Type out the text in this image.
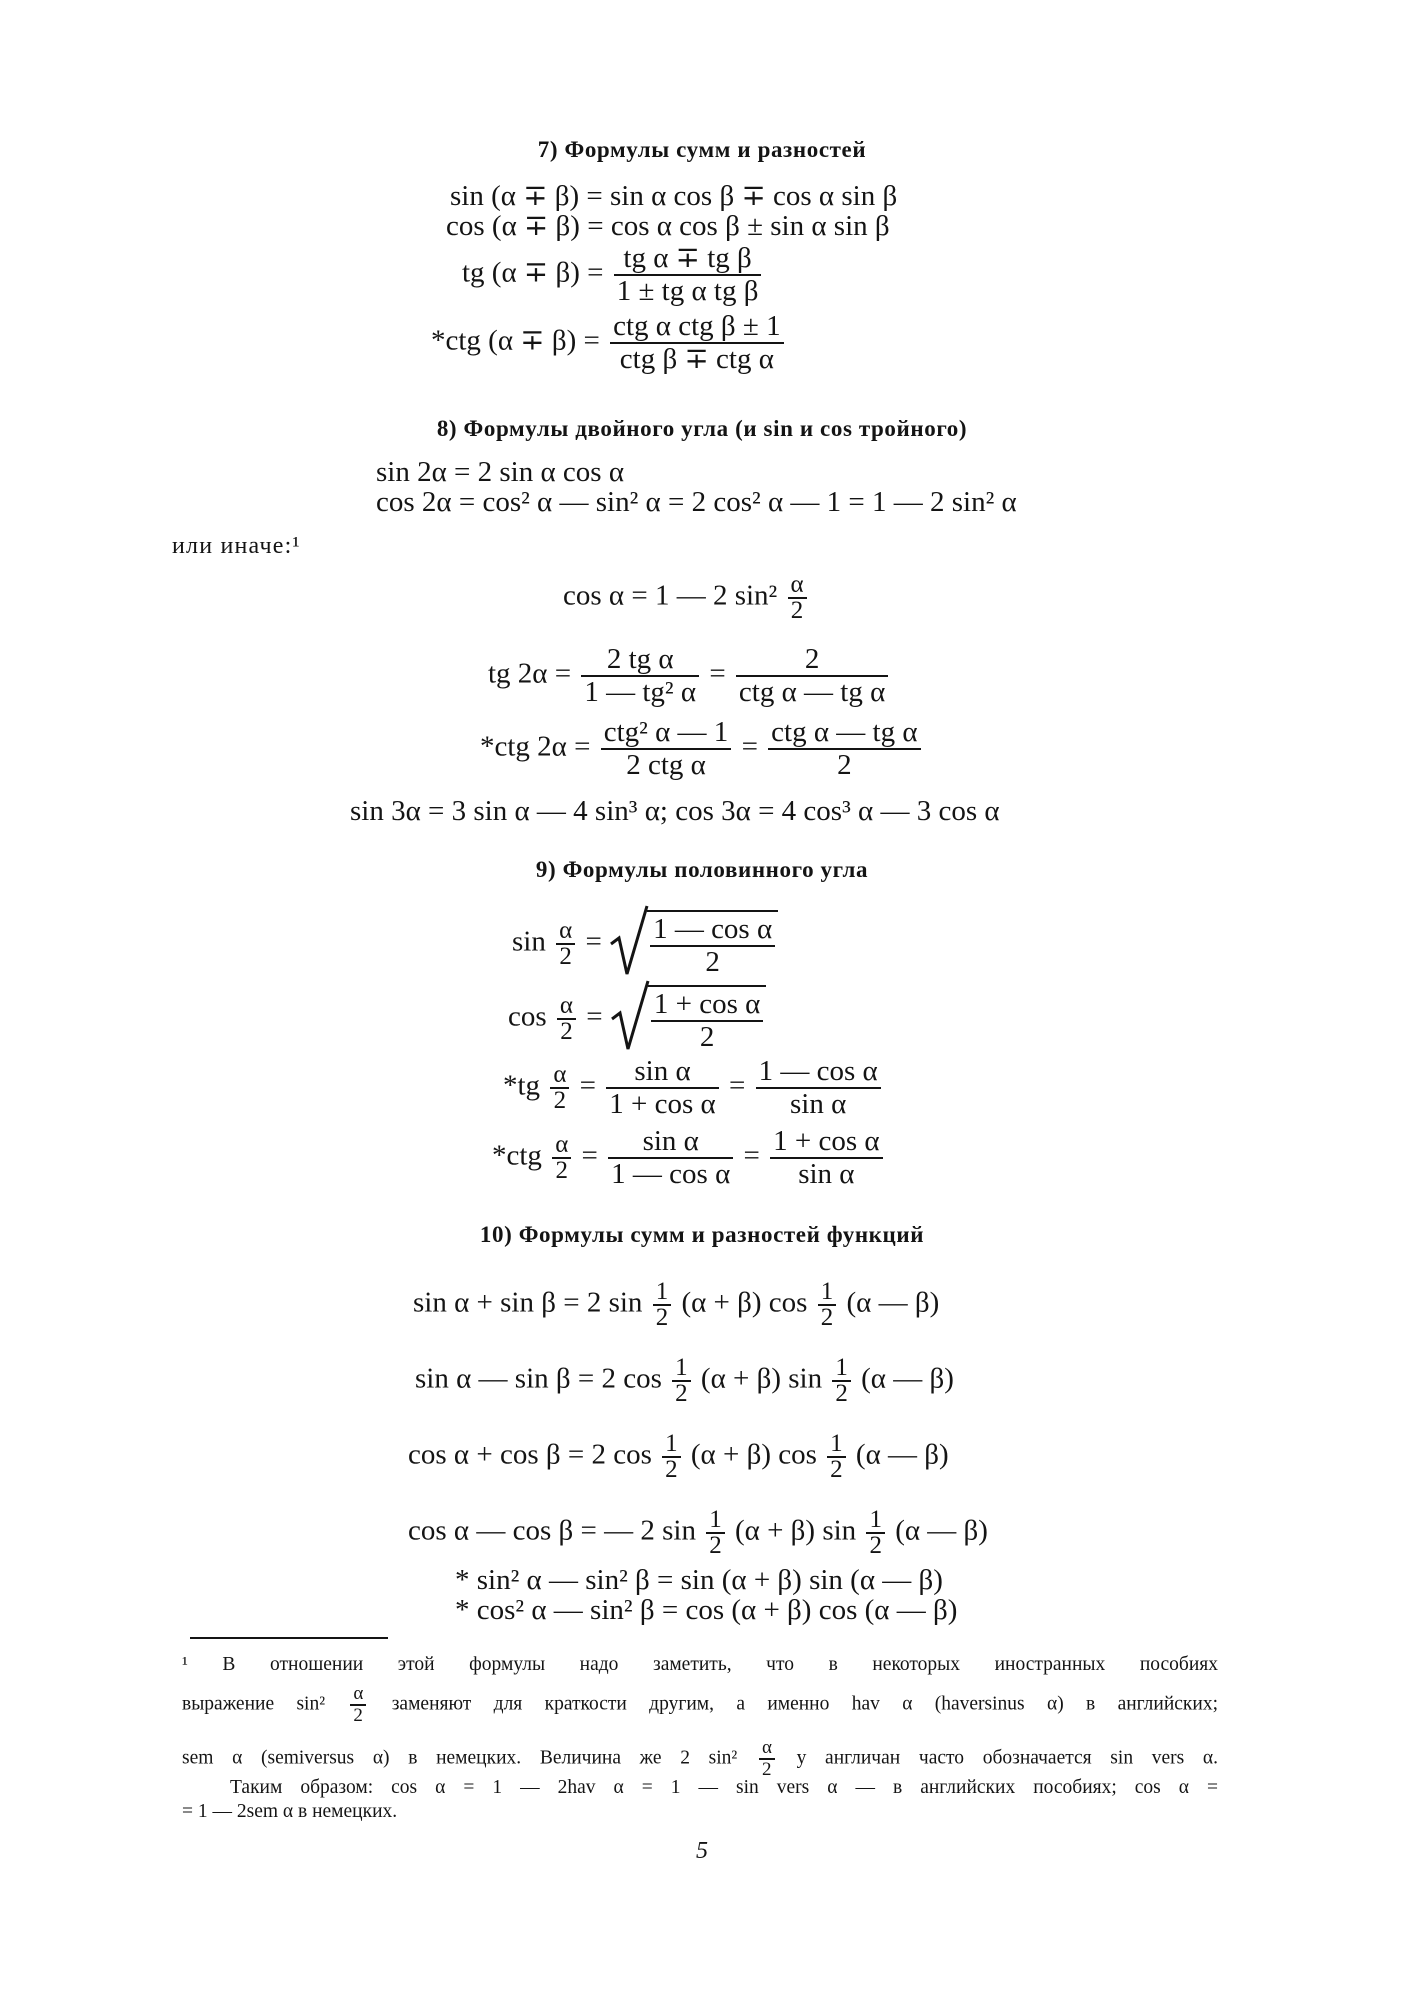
7) Формулы сумм и разностей
sin (α ∓ β) = sin α cos β ∓ cos α sin β
cos (α ∓ β) = cos α cos β ± sin α sin β
tg $(\alpha \mp \beta) = \frac{\text{tg α ∓ tg β}}{\text{1 ± tg α tg β}}$
*ctg $(\alpha \mp \beta) = \frac{\text{ctg α ctg β ± 1}}{\text{ctg β ∓ ctg α}}$
8) Формулы двойного угла (и sin и cos тройного)
sin 2α = 2 sin α cos α
cos 2α = cos² α — sin² α = 2 cos² α — 1 = 1 — 2 sin² α
или иначе:¹
cos α = 1 — 2 $\sin^2 \frac{\alpha}{2}$
tg $2\alpha = \frac{\text{2 tg α}}{\text{1 — tg² α}} = \frac{2}{\text{ctg α — tg α}}$
*ctg $2\alpha = \frac{\text{ctg² α — 1}}{\text{2 ctg α}} = \frac{\text{ctg α — tg α}}{2}$
sin 3α = 3 sin α — 4 sin³ α; cos 3α = 4 cos³ α — 3 cos α
9) Формулы половинного угла
$\sin \frac{\alpha}{2} = \frac{\text{1 — cos α}}{2}$
$\cos \frac{\alpha}{2} = \frac{\text{1 + cos α}}{2}$
$*tg \frac{\alpha}{2} = \frac{\text{sin α}}{\text{1 + cos α}} = \frac{\text{1 — cos α}}{\text{sin α}}$
$*ctg \frac{\alpha}{2} = \frac{\text{sin α}}{\text{1 — cos α}} = \frac{\text{1 + cos α}}{\text{sin α}}$
10) Формулы сумм и разностей функций
sin α + sin β = 2 $\sin \frac{1}{2} (\alpha + \beta)$ $\cos \frac{1}{2} (\alpha$ — β)
sin α — sin β = 2 $\cos \frac{1}{2} (\alpha + \beta)$ $\sin \frac{1}{2} (\alpha$ — β)
cos α + cos β = 2 $\cos \frac{1}{2} (\alpha + \beta)$ $\cos \frac{1}{2} (\alpha$ — β)
cos α — cos β = — 2 $\sin \frac{1}{2} (\alpha + \beta)$ $\sin \frac{1}{2} (\alpha$ — β)
* sin² α — sin² β = sin (α + β) sin (α — β)
* cos² α — sin² β = cos (α + β) cos (α — β)
¹ В отношении этой формулы надо заметить, что в некоторых иностранных пособиях
выражение $\sin^2 \frac{\alpha}{2}$ заменяют для краткости другим, а именно hav α (haversinus α) в английских;
sem α (semiversus α) в немецких. Величина же 2 $\sin^2 \frac{\alpha}{2}$ у англичан часто обозначается sin vers α.
Таким образом: cos α = 1 — 2hav α = 1 — sin vers α — в английских пособиях; cos α =
= 1 — 2sem α в немецких.
5
